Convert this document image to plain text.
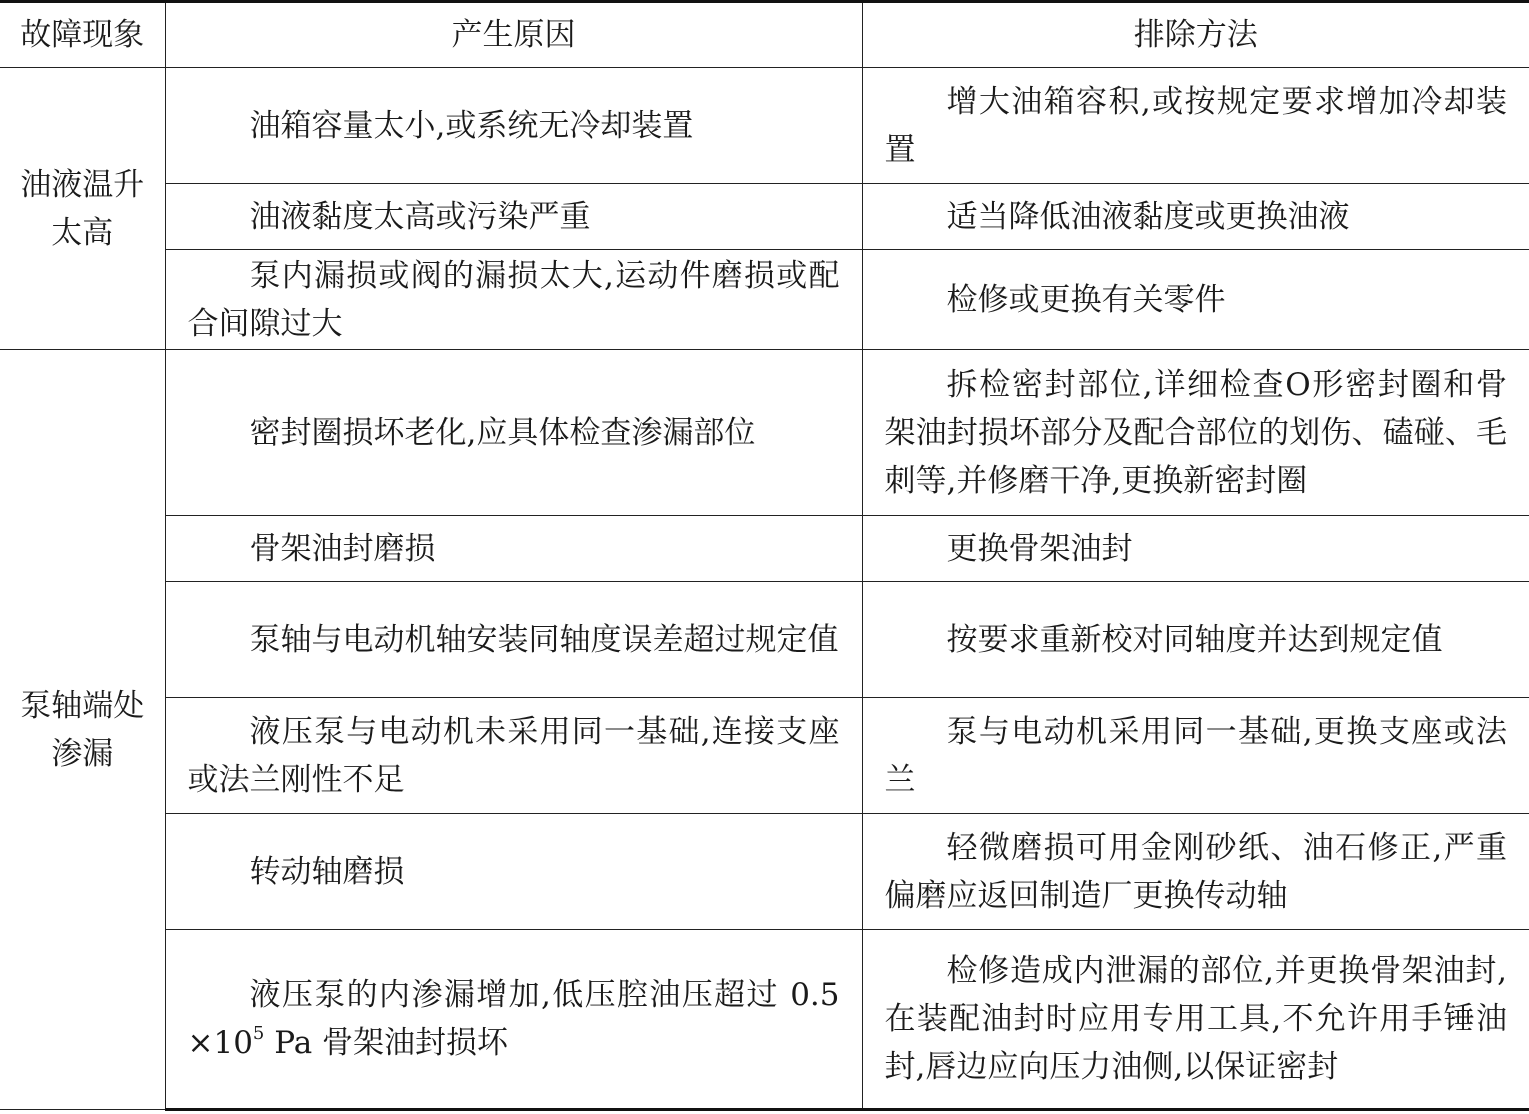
故障现象	产生原因	排除方法
油液温升太高	油箱容量太小,或系统无冷却装置	增大油箱容积,或按规定要求增加冷却装置
	油液黏度太高或污染严重	适当降低油液黏度或更换油液
	泵内漏损或阀的漏损太大,运动件磨损或配合间隙过大	检修或更换有关零件
泵轴端处渗漏	密封圈损坏老化,应具体检查渗漏部位	拆检密封部位,详细检查O形密封圈和骨架油封损坏部分及配合部位的划伤、磕碰、毛刺等,并修磨干净,更换新密封圈
	骨架油封磨损	更换骨架油封
	泵轴与电动机轴安装同轴度误差超过规定值	按要求重新校对同轴度并达到规定值
	液压泵与电动机未采用同一基础,连接支座或法兰刚性不足	泵与电动机采用同一基础,更换支座或法兰
	转动轴磨损	轻微磨损可用金刚砂纸、油石修正,严重偏磨应返回制造厂更换传动轴
	液压泵的内渗漏增加,低压腔油压超过 $0.5 \times 10^5$ Pa 骨架油封损坏	检修造成内泄漏的部位,并更换骨架油封,在装配油封时应用专用工具,不允许用手锤油封,唇边应向压力油侧,以保证密封
